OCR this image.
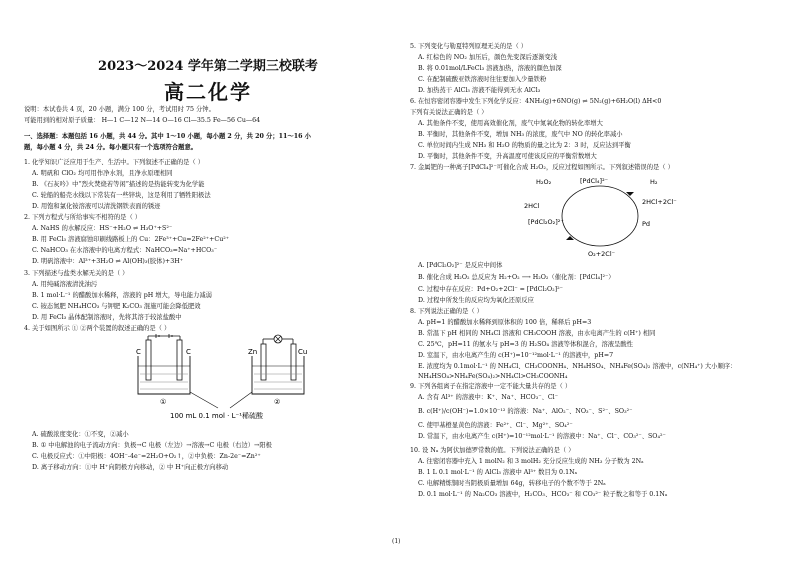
2023～2024 学年第二学期三校联考
高二化学
说明：本试卷共 4 页，20 小题，满分 100 分，考试用时 75 分钟。
可能用到的相对原子质量： H—1 C—12 N—14 O—16 Cl—35.5 Fe—56 Cu—64
一、选择题：本题包括 16 小题，共 44 分。其中 1～10 小题，每小题 2 分，共 20 分；11～16 小
题，每小题 4 分，共 24 分。每小题只有一个选项符合题意。
1. 化学知识广泛应用于生产、生活中。下列叙述不正确的是（ ）
A. 明矾和 ClO₂ 均可用作净水剂，且净水原理相同
B. 《石灰吟》中“烈火焚烧若等闲”描述的是热能转变为化学能
C. 轮船的船壳水线以下常装有一些锌块，这是利用了牺牲阳极法
D. 用饱和氯化铵溶液可以清洗钢铁表面的锈迹
2. 下列方程式与所给事实不相符的是（ ）
A. NaHS 的水解反应：HS⁻+H₂O ⇌ H₃O⁺+S²⁻
B. 用 FeCl₃ 溶液腐蚀印刷线路板上的 Cu：2Fe³⁺+Cu=2Fe²⁺+Cu²⁺
C. NaHCO₃ 在水溶液中的电离方程式：NaHCO₃=Na⁺+HCO₃⁻
D. 明矾溶液中：Al³⁺+3H₂O ⇌ Al(OH)₃(胶体)+3H⁺
3. 下列描述与盐类水解无关的是（ ）
A. 用纯碱溶液清洗油污
B. 1 mol·L⁻¹ 的醋酸加水稀释，溶液的 pH 增大，导电能力减弱
C. 铵态氮肥 NH₄HCO₃ 与钾肥 K₂CO₃ 混施可能会降低肥效
D. 用 FeCl₃ 晶体配制溶液时，先将其溶于较浓盐酸中
4. 关于如图所示 ① ②两个装置的叙述正确的是（ ）
C	C
①
Zn	Cu
②
100 mL 0.1 mol · L⁻¹稀硫酸
A. 硫酸浓度变化：①不变，②减小
B. ① 中电解池的电子流动方向：负极→C 电极（左边）→溶液→C 电极（右边）→阳极
C. 电极反应式：①中阳极：4OH⁻-4e⁻=2H₂O+O₂↑，②中负极：Zn-2e⁻=Zn²⁺
D. 离子移动方向：①中 H⁺向阴极方向移动，② 中 H⁺向正极方向移动
5. 下列变化与勒夏特列原理无关的是（ ）
A. 红棕色的 NO₂ 加压后，颜色先变深后逐渐变浅
B. 将 0.01mol/LFeCl₃ 溶液加热，溶液的颜色加深
C. 在配制硫酸亚铁溶液时往往要加入少量铁粉
D. 加热蒸干 AlCl₃ 溶液不能得到无水 AlCl₃
6. 在恒容密闭容器中发生下列化学反应：4NH₃(g)+6NO(g) ⇌ 5N₂(g)+6H₂O(l) ΔH<0
下列有关说法正确的是（ ）
A. 其他条件不变，使用高效催化剂，废气中氮氧化物的转化率增大
B. 平衡时，其他条件不变，增加 NH₃ 的浓度，废气中 NO 的转化率减小
C. 单位时间内生成 NH₃ 和 H₂O 的物质的量之比为 2：3 时，反应达到平衡
D. 平衡时，其他条件不变，升高温度可使该反应的平衡常数增大
7. 金属钯的一种离子[PdCl₄]²⁻可催化合成 H₂O₂，反应过程如图所示。下列叙述错误的是（ ）
[PdCl₄]²⁻
H₂O₂	H₂
2HCl	2HCl+2Cl⁻
[PdCl₂O₂]²⁻	Pd
O₂+2Cl⁻
A. [PdCl₂O₂]²⁻ 是反应中间体
B. 催化合成 H₂O₂ 总反应为 H₂+O₂ ⟶ H₂O₂（催化剂：[PdCl₄]²⁻）
C. 过程中存在反应：Pd+O₂+2Cl⁻ = [PdCl₂O₂]²⁻
D. 过程中所发生的反应均为氧化还原反应
8. 下列说法正确的是（ ）
A. pH=1 的醋酸加水稀释到原体积的 100 倍，稀释后 pH=3
B. 常温下 pH 相同的 NH₄Cl 溶液和 CH₃COOH 溶液，由水电离产生的 c(H⁺) 相同
C. 25℃，pH=11 的氨水与 pH=3 的 H₂SO₄ 溶液等体积混合，溶液呈酸性
D. 室温下，由水电离产生的 c(H⁺)=10⁻¹²mol·L⁻¹ 的溶液中，pH=7
E. 浓度均为 0.1mol·L⁻¹ 的 NH₄Cl、CH₃COONH₄、NH₄HSO₄、NH₄Fe(SO₄)₂ 溶液中，c(NH₄⁺) 大小顺序：
NH₄HSO₄>NH₄Fe(SO₄)₂>NH₄Cl>CH₃COONH₄
9. 下列各组离子在指定溶液中一定不能大量共存的是（ ）
A. 含有 Al³⁺ 的溶液中：K⁺、Na⁺、HCO₃⁻、Cl⁻
B. c(H⁺)/c(OH⁻)=1.0×10⁻¹² 的溶液：Na⁺、AlO₂⁻、NO₃⁻、S²⁻、SO₃²⁻
C. 使甲基橙显黄色的溶液：Fe²⁺、Cl⁻、Mg²⁺、SO₄²⁻
D. 常温下，由水电离产生 c(H⁺)=10⁻¹²mol·L⁻¹ 的溶液中：Na⁺、Cl⁻、CO₃²⁻、SO₄²⁻
10. 设 Nₐ 为阿伏加德罗常数的值。下列说法正确的是（ ）
A. 往密闭容器中充入 1 molN₂ 和 3 molH₂ 充分反应生成的 NH₃ 分子数为 2Nₐ
B. 1 L 0.1 mol·L⁻¹ 的 AlCl₃ 溶液中 Al³⁺ 数目为 0.1Nₐ
C. 电解精炼铜时当阴极质量增加 64g，转移电子的个数不等于 2Nₐ
D. 0.1 mol·L⁻¹ 的 Na₂CO₃ 溶液中，H₂CO₃、HCO₃⁻ 和 CO₃²⁻ 粒子数之和等于 0.1Nₐ
(1)
